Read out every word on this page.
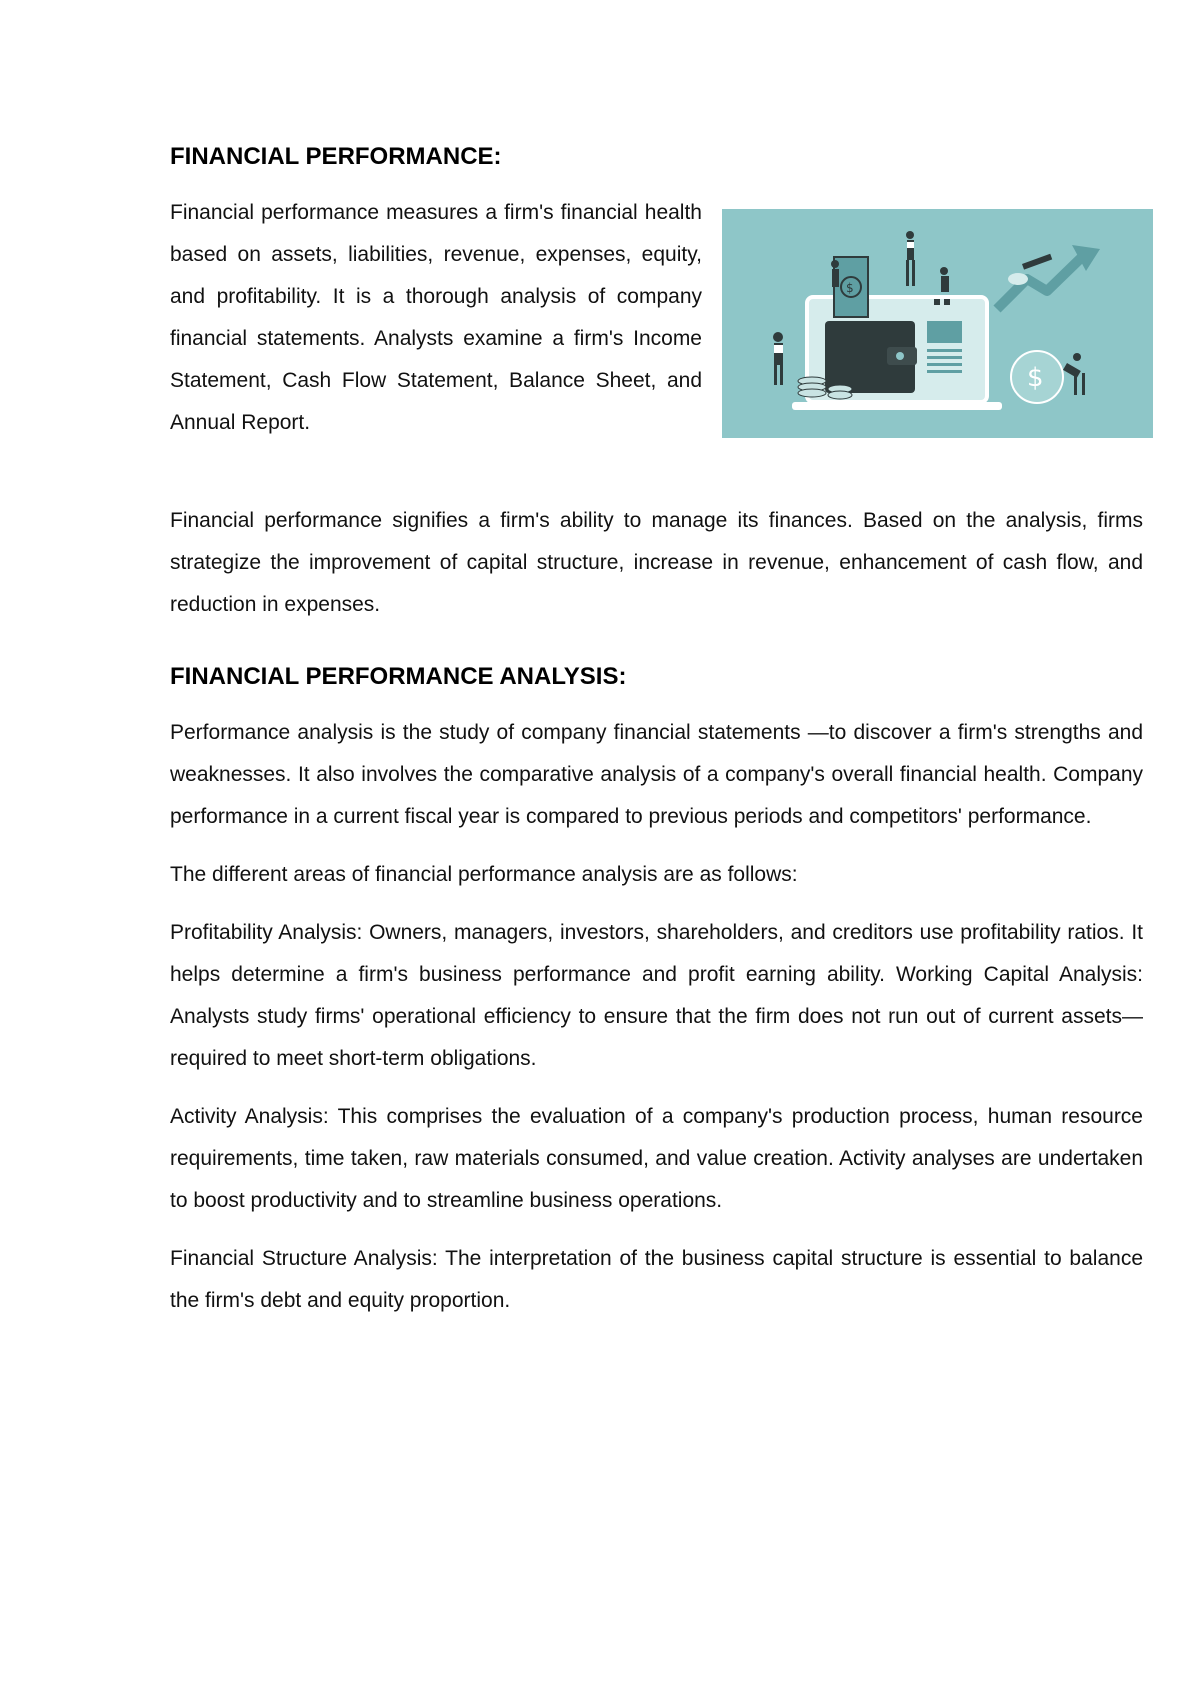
FINANCIAL PERFORMANCE:

Financial performance measures a firm's financial health based on assets, liabilities, revenue, expenses, equity, and profitability. It is a thorough analysis of company financial statements. Analysts examine a firm's Income Statement, Cash Flow Statement, Balance Sheet, and Annual Report.

$
$

Financial performance signifies a firm's ability to manage its finances. Based on the analysis, firms strategize the improvement of capital structure, increase in revenue, enhancement of cash flow, and reduction in expenses.

FINANCIAL PERFORMANCE ANALYSIS:

Performance analysis is the study of company financial statements —to discover a firm's strengths and weaknesses. It also involves the comparative analysis of a company's overall financial health. Company performance in a current fiscal year is compared to previous periods and competitors' performance.

The different areas of financial performance analysis are as follows:

Profitability Analysis: Owners, managers, investors, shareholders, and creditors use profitability ratios. It helps determine a firm's business performance and profit earning ability. Working Capital Analysis: Analysts study firms' operational efficiency to ensure that the firm does not run out of current assets—required to meet short-term obligations.

Activity Analysis: This comprises the evaluation of a company's production process, human resource requirements, time taken, raw materials consumed, and value creation. Activity analyses are undertaken to boost productivity and to streamline business operations.

Financial Structure Analysis: The interpretation of the business capital structure is essential to balance the firm's debt and equity proportion.
